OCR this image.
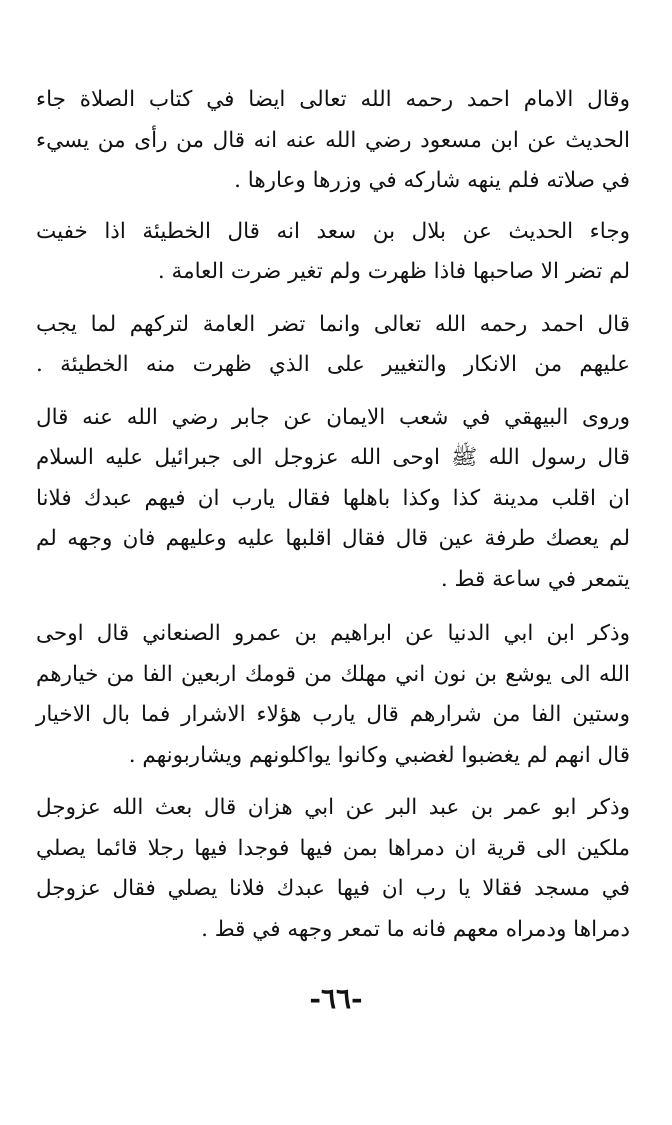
وقال الامام احمد رحمه الله تعالى ايضا في كتاب الصلاة جاء
الحديث عن ابن مسعود رضي الله عنه انه قال من رأى من يسيء
في صلاته فلم ينهه شاركه في وزرها وعارها .

وجاء الحديث عن بلال بن سعد انه قال الخطيئة اذا خفيت
لم تضر الا صاحبها فاذا ظهرت ولم تغير ضرت العامة .

قال احمد رحمه الله تعالى وانما تضر العامة لتركهم لما يجب
عليهم من الانكار والتغيير على الذي ظهرت منه الخطيئة .

وروى البيهقي في شعب الايمان عن جابر رضي الله عنه قال
قال رسول الله ﷺ اوحى الله عزوجل الى جبرائيل عليه السلام
ان اقلب مدينة كذا وكذا باهلها فقال يارب ان فيهم عبدك فلانا
لم يعصك طرفة عين قال فقال اقلبها عليه وعليهم فان وجهه لم
يتمعر في ساعة قط .

وذكر ابن ابي الدنيا عن ابراهيم بن عمرو الصنعاني قال اوحى
الله الى يوشع بن نون اني مهلك من قومك اربعين الفا من خيارهم
وستين الفا من شرارهم قال يارب هؤلاء الاشرار فما بال الاخيار
قال انهم لم يغضبوا لغضبي وكانوا يواكلونهم ويشاربونهم .

وذكر ابو عمر بن عبد البر عن ابي هزان قال بعث الله عزوجل
ملكين الى قرية ان دمراها بمن فيها فوجدا فيها رجلا قائما يصلي
في مسجد فقالا يا رب ان فيها عبدك فلانا يصلي فقال عزوجل
دمراها ودمراه معهم فانه ما تمعر وجهه في قط .

-٦٦-
